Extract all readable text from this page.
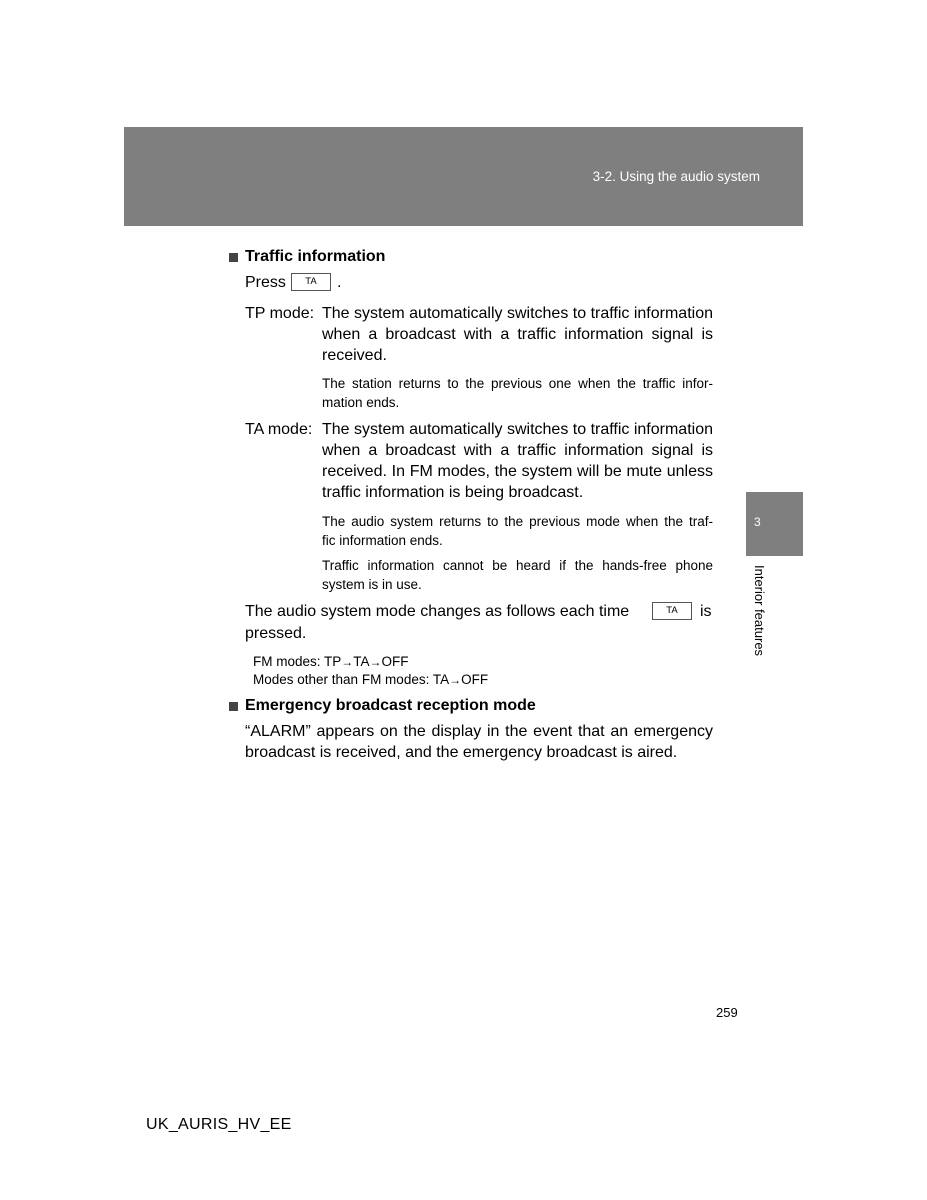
3-2. Using the audio system
3
Interior features
Traffic information
Press	TA	.
TP mode: The system automatically switches to traffic information
when a broadcast with a traffic information signal is
received.
The station returns to the previous one when the traffic infor-
mation ends.
TA mode: The system automatically switches to traffic information
when a broadcast with a traffic information signal is
received. In FM modes, the system will be mute unless
traffic information is being broadcast.
The audio system returns to the previous mode when the traf-
fic information ends.
Traffic information cannot be heard if the hands-free phone
system is in use.
The audio system mode changes as follows each time	TA	is
pressed.
FM modes: TP→TA→OFF
Modes other than FM modes: TA→OFF
Emergency broadcast reception mode
“ALARM” appears on the display in the event that an emergency
broadcast is received, and the emergency broadcast is aired.
259
UK_AURIS_HV_EE
